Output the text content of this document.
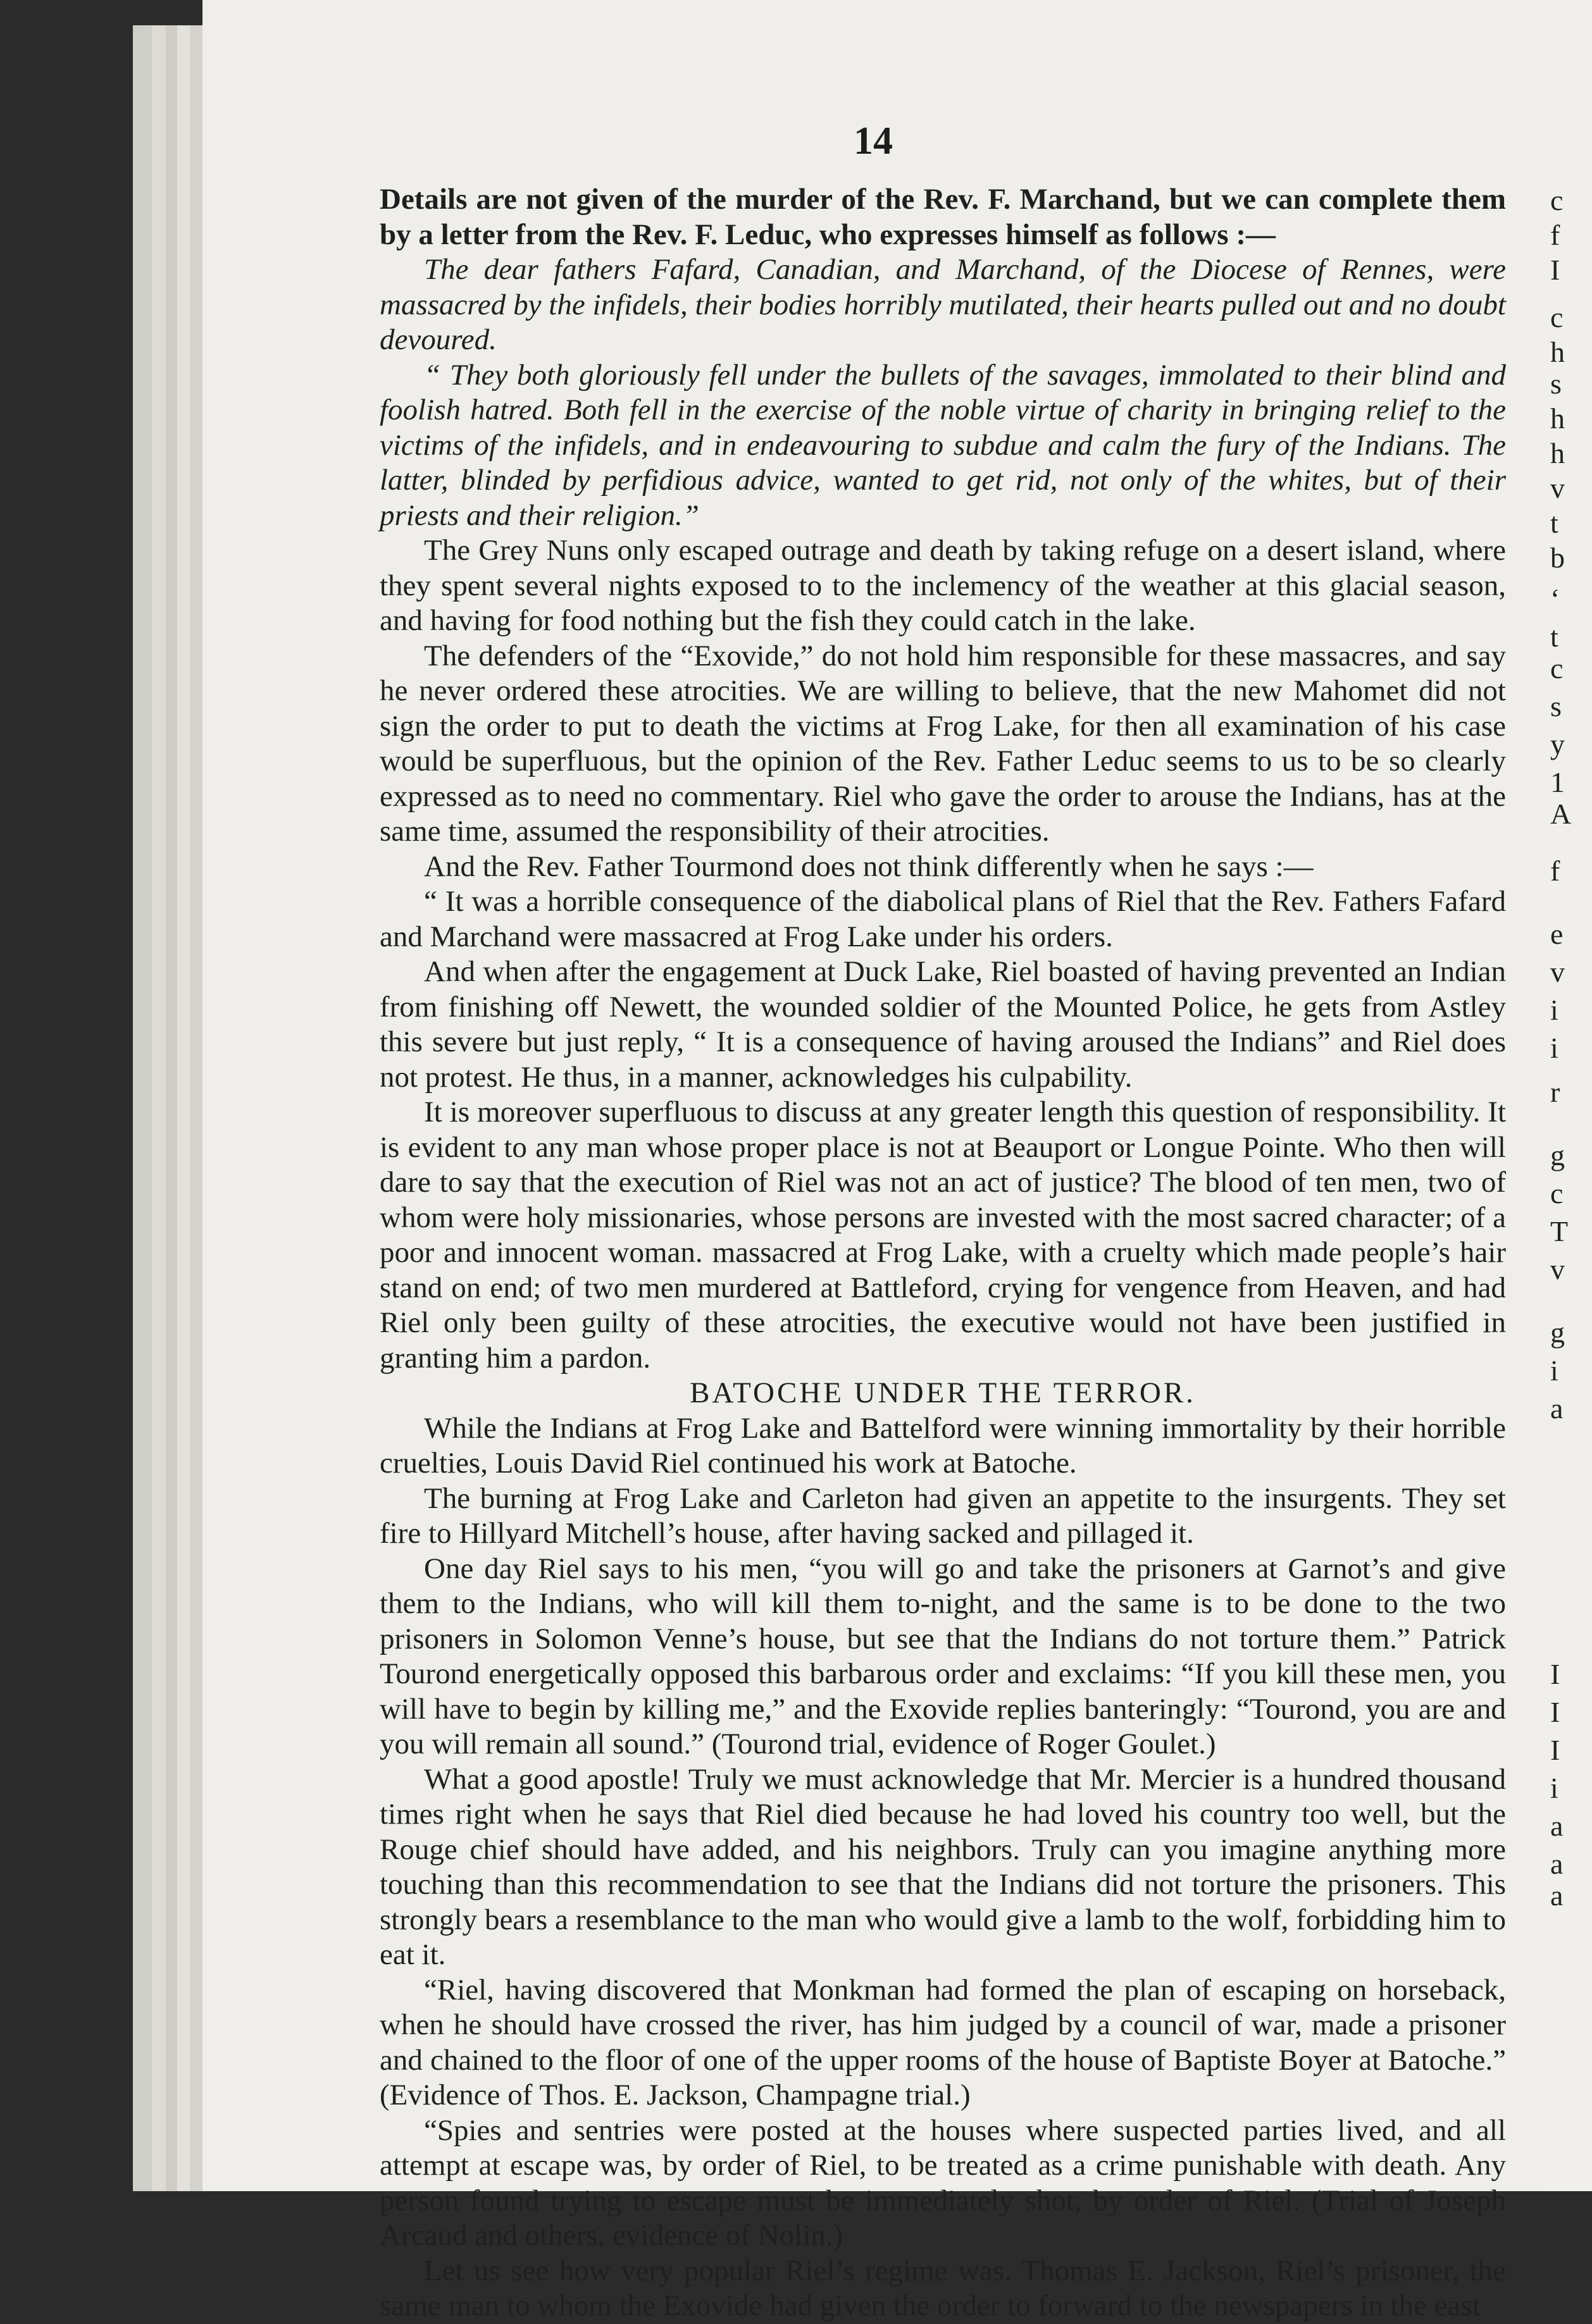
14

Details are not given of the murder of the Rev. F. Marchand, but we can complete them by a letter from the Rev. F. Leduc, who expresses himself as follows :—

The dear fathers Fafard, Canadian, and Marchand, of the Diocese of Rennes, were massacred by the infidels, their bodies horribly mutilated, their hearts pulled out and no doubt devoured.

“ They both gloriously fell under the bullets of the savages, immolated to their blind and foolish hatred. Both fell in the exercise of the noble virtue of charity in bringing relief to the victims of the infidels, and in endeavouring to subdue and calm the fury of the Indians. The latter, blinded by perfidious advice, wanted to get rid, not only of the whites, but of their priests and their religion.”

The Grey Nuns only escaped outrage and death by taking refuge on a desert island, where they spent several nights exposed to to the inclemency of the weather at this glacial season, and having for food nothing but the fish they could catch in the lake.

The defenders of the “Exovide,” do not hold him responsible for these massacres, and say he never ordered these atrocities. We are willing to believe, that the new Mahomet did not sign the order to put to death the victims at Frog Lake, for then all examination of his case would be superfluous, but the opinion of the Rev. Father Leduc seems to us to be so clearly expressed as to need no commentary. Riel who gave the order to arouse the Indians, has at the same time, assumed the responsibility of their atrocities.

And the Rev. Father Tourmond does not think differently when he says :—

“ It was a horrible consequence of the diabolical plans of Riel that the Rev. Fathers Fafard and Marchand were massacred at Frog Lake under his orders.

And when after the engagement at Duck Lake, Riel boasted of having prevented an Indian from finishing off Newett, the wounded soldier of the Mounted Police, he gets from Astley this severe but just reply, “ It is a consequence of having aroused the Indians” and Riel does not protest. He thus, in a manner, acknowledges his culpability.

It is moreover superfluous to discuss at any greater length this question of responsibility. It is evident to any man whose proper place is not at Beauport or Longue Pointe. Who then will dare to say that the execution of Riel was not an act of justice? The blood of ten men, two of whom were holy missionaries, whose persons are invested with the most sacred character; of a poor and innocent woman. massacred at Frog Lake, with a cruelty which made people’s hair stand on end; of two men murdered at Battleford, crying for vengence from Heaven, and had Riel only been guilty of these atrocities, the executive would not have been justified in granting him a pardon.

BATOCHE UNDER THE TERROR.

While the Indians at Frog Lake and Battelford were winning immortality by their horrible cruelties, Louis David Riel continued his work at Batoche.

The burning at Frog Lake and Carleton had given an appetite to the insurgents. They set fire to Hillyard Mitchell’s house, after having sacked and pillaged it.

One day Riel says to his men, “you will go and take the prisoners at Garnot’s and give them to the Indians, who will kill them to-night, and the same is to be done to the two prisoners in Solomon Venne’s house, but see that the Indians do not torture them.” Patrick Tourond energetically opposed this barbarous order and exclaims: “If you kill these men, you will have to begin by killing me,” and the Exovide replies banteringly: “Tourond, you are and you will remain all sound.” (Tourond trial, evidence of Roger Goulet.)

What a good apostle! Truly we must acknowledge that Mr. Mercier is a hundred thousand times right when he says that Riel died because he had loved his country too well, but the Rouge chief should have added, and his neighbors. Truly can you imagine anything more touching than this recommendation to see that the Indians did not torture the prisoners. This strongly bears a resemblance to the man who would give a lamb to the wolf, forbidding him to eat it.

“Riel, having discovered that Monkman had formed the plan of escaping on horseback, when he should have crossed the river, has him judged by a council of war, made a prisoner and chained to the floor of one of the upper rooms of the house of Baptiste Boyer at Batoche.” (Evidence of Thos. E. Jackson, Champagne trial.)

“Spies and sentries were posted at the houses where suspected parties lived, and all attempt at escape was, by order of Riel, to be treated as a crime punishable with death. Any person found trying to escape must be immediately shot, by order of Riel. (Trial of Joseph Arcaud and others, evidence of Nolin.)

Let us see how very popular Riel’s regime was. Thomas E. Jackson, Riel’s prisoner, the same man to whom the Exovide had given the order to forward to the newspapers in the east

c
f
I
c
h
s
h
h
v
t
b
‘
t
c
s
y
1
A
f
e
v
i
i
r
g
c
T
v
g
i
a
I
I
I
i
a
a
a
